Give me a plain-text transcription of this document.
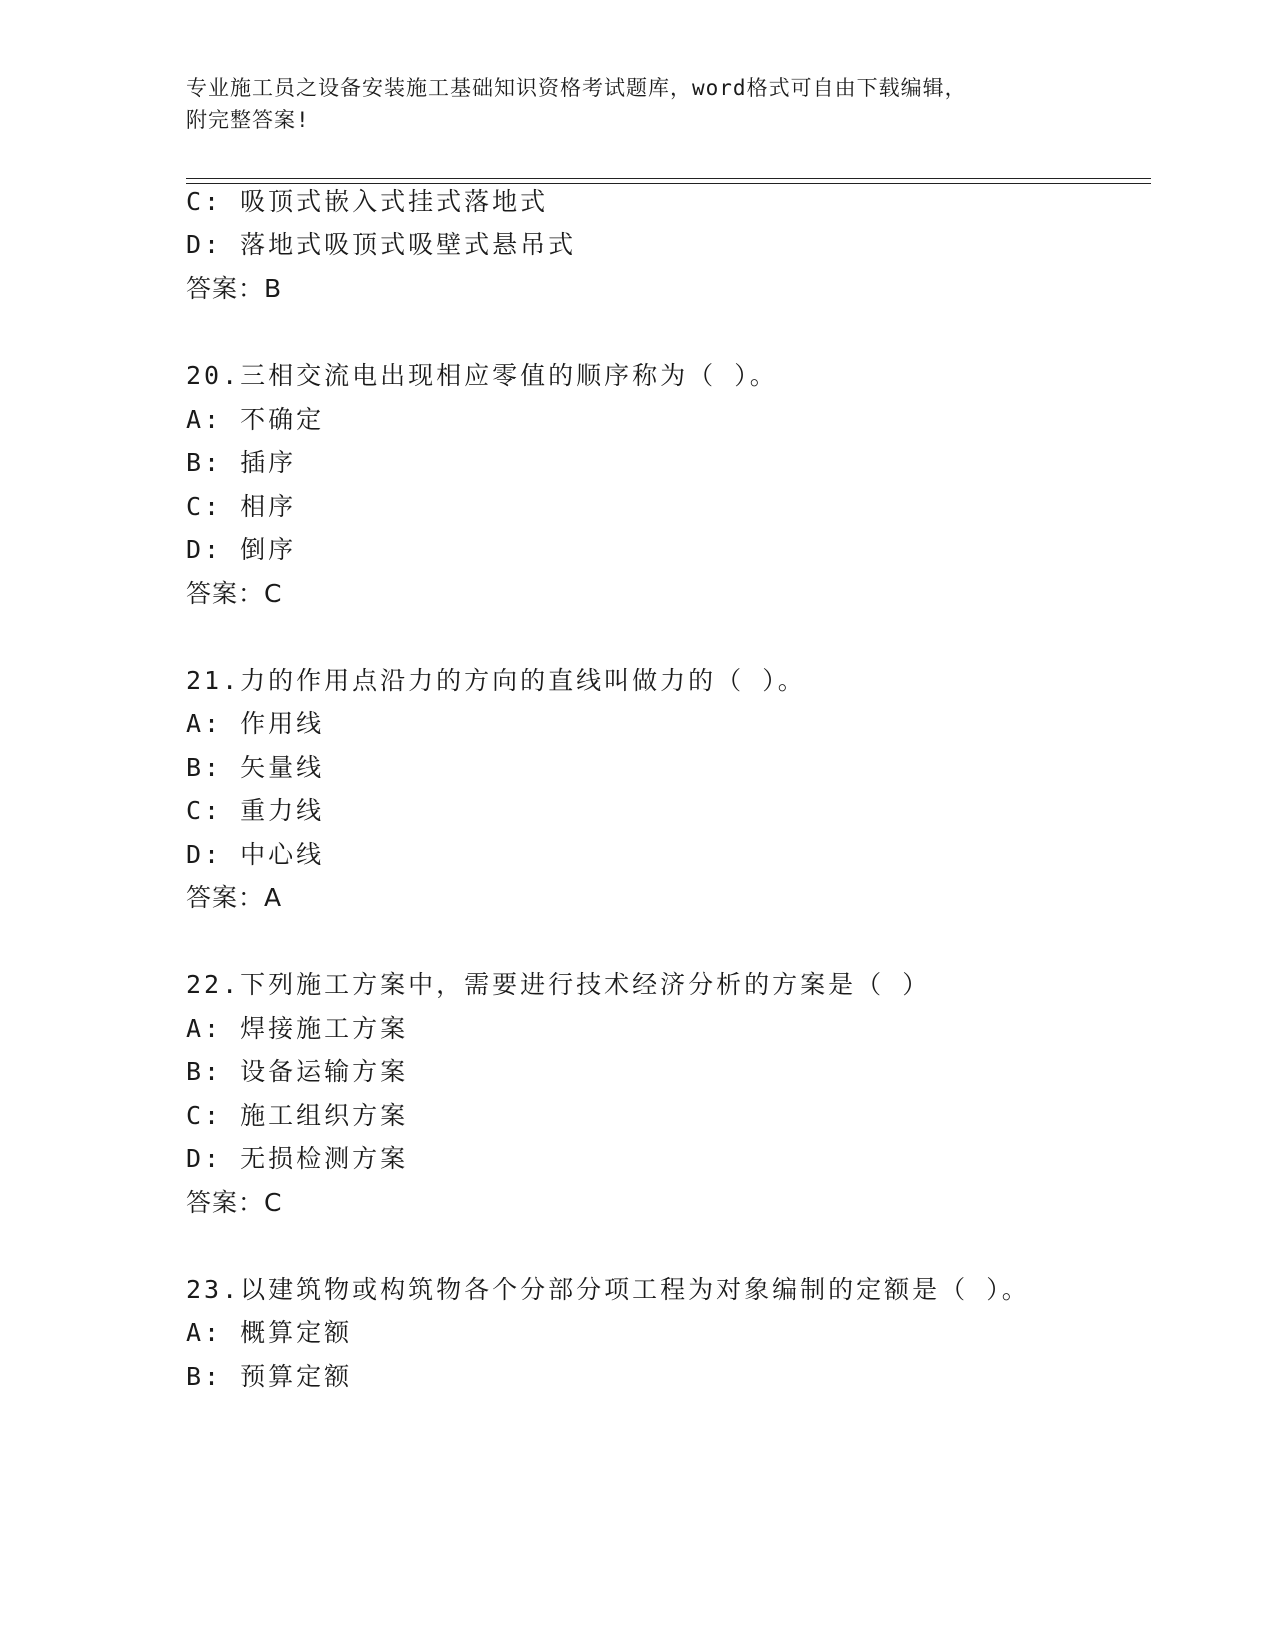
专业施工员之设备安装施工基础知识资格考试题库，word格式可自由下载编辑，
附完整答案!
C: 吸顶式嵌入式挂式落地式
D: 落地式吸顶式吸壁式悬吊式
答案：B
20.三相交流电出现相应零值的顺序称为（ ）。
A: 不确定
B: 插序
C: 相序
D: 倒序
答案：C
21.力的作用点沿力的方向的直线叫做力的（ ）。
A: 作用线
B: 矢量线
C: 重力线
D: 中心线
答案：A
22.下列施工方案中，需要进行技术经济分析的方案是（ ）
A: 焊接施工方案
B: 设备运输方案
C: 施工组织方案
D: 无损检测方案
答案：C
23.以建筑物或构筑物各个分部分项工程为对象编制的定额是（ ）。
A: 概算定额
B: 预算定额
